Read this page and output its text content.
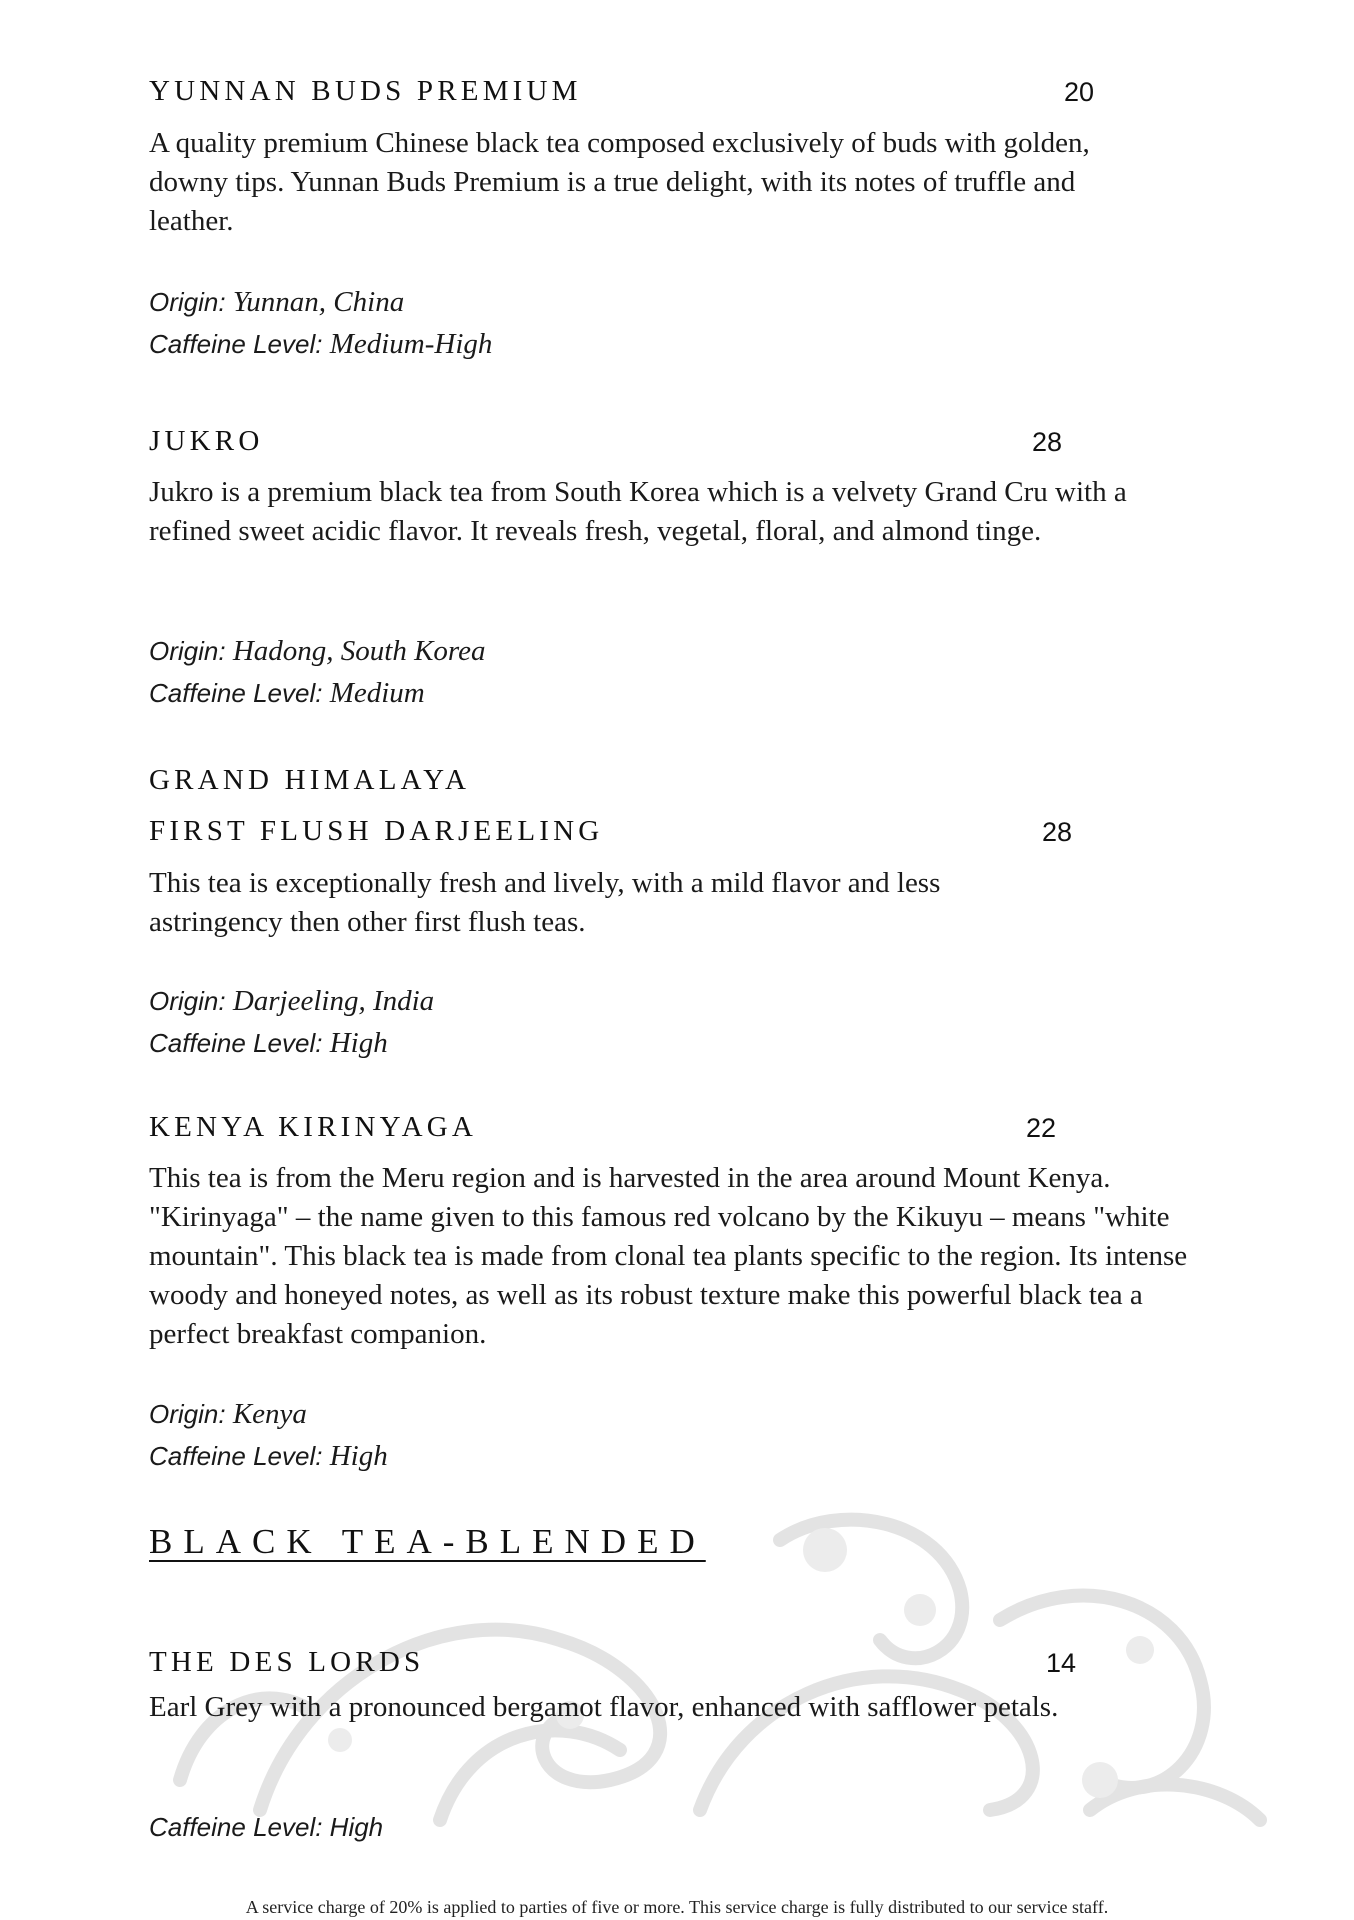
YUNNAN BUDS PREMIUM	20
A quality premium Chinese black tea composed exclusively of buds with golden, downy tips. Yunnan Buds Premium is a true delight, with its notes of truffle and leather.
Origin: Yunnan, China
Caffeine Level: Medium-High
JUKRO	28
Jukro is a premium black tea from South Korea which is a velvety Grand Cru with a refined sweet acidic flavor. It reveals fresh, vegetal, floral, and almond tinge.
Origin: Hadong, South Korea
Caffeine Level: Medium
GRAND HIMALAYA
FIRST FLUSH DARJEELING	28
This tea is exceptionally fresh and lively, with a mild flavor and less astringency then other first flush teas.
Origin: Darjeeling, India
Caffeine Level: High
KENYA KIRINYAGA	22
This tea is from the Meru region and is harvested in the area around Mount Kenya. "Kirinyaga" – the name given to this famous red volcano by the Kikuyu – means "white mountain". This black tea is made from clonal tea plants specific to the region. Its intense woody and honeyed notes, as well as its robust texture make this powerful black tea a perfect breakfast companion.
Origin: Kenya
Caffeine Level: High
BLACK TEA-BLENDED
THE DES LORDS	14
Earl Grey with a pronounced bergamot flavor, enhanced with safflower petals.
Caffeine Level: High
A service charge of 20% is applied to parties of five or more. This service charge is fully distributed to our service staff.
